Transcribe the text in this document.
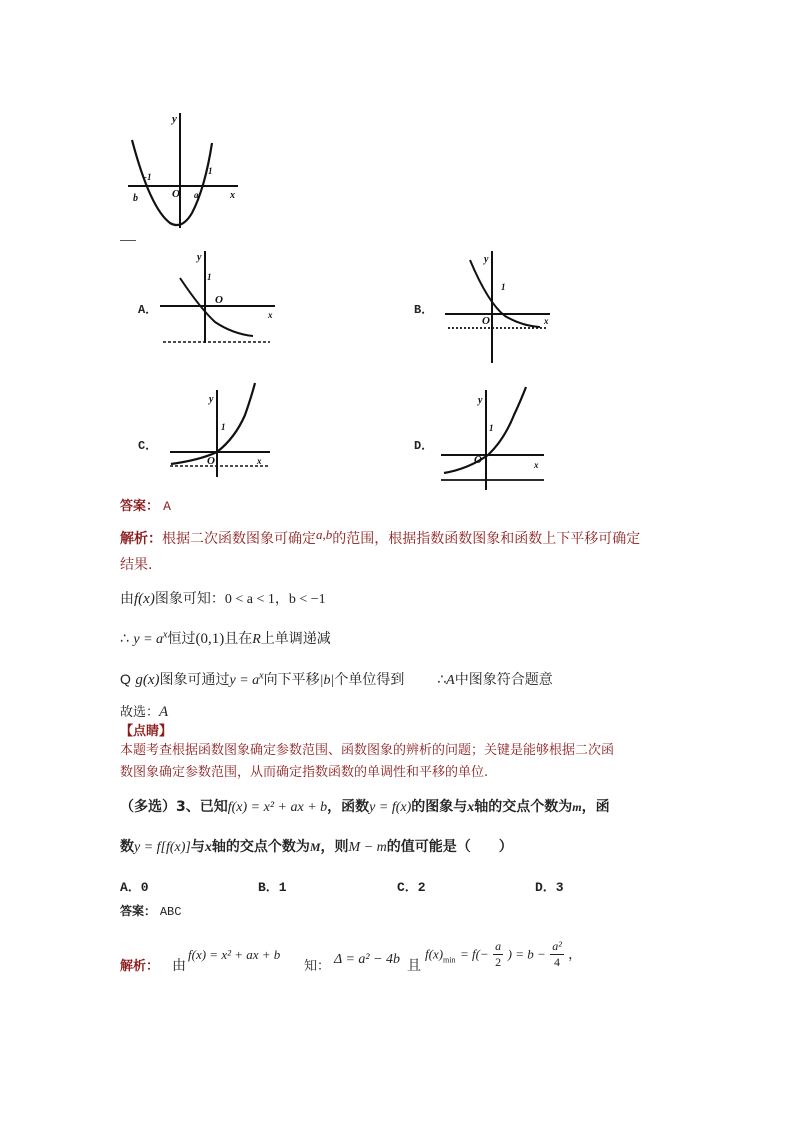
y
x
O
-1
1
a
b
A．
y
1
O
x	B．
y
1
O	x
C．
y
1
O	x
D．
y
1
O	x
答案： A
解析：根据二次函数图象可确定a,b的范围，根据指数函数图象和函数上下平移可确定
结果.
由f(x)图象可知：0 < a < 1，b < −1
∴ $y = a^x$恒过(0,1)且在R上单调递减
Q g(x)图象可通过$y = a^x$向下平移|b|个单位得到 ∴A中图象符合题意
故选：A
【点睛】
本题考查根据函数图象确定参数范围、函数图象的辨析的问题；关键是能够根据二次函
数图象确定参数范围，从而确定指数函数的单调性和平移的单位.
（多选）3、已知f(x) = x² + ax + b，函数y = f(x)的图象与x轴的交点个数为m，函
数y = f[f(x)]与x轴的交点个数为M，则M − m的值可能是（　　）
A．0	B．1	C．2	D．3
答案： ABC
解析： 由
f(x) = x² + ax + b
知： Δ = a² − 4b 且
$f(x)_{min} = f(- \frac{a}{2}$ ) = $b - \frac{\text{a²}}{4}$ ，
